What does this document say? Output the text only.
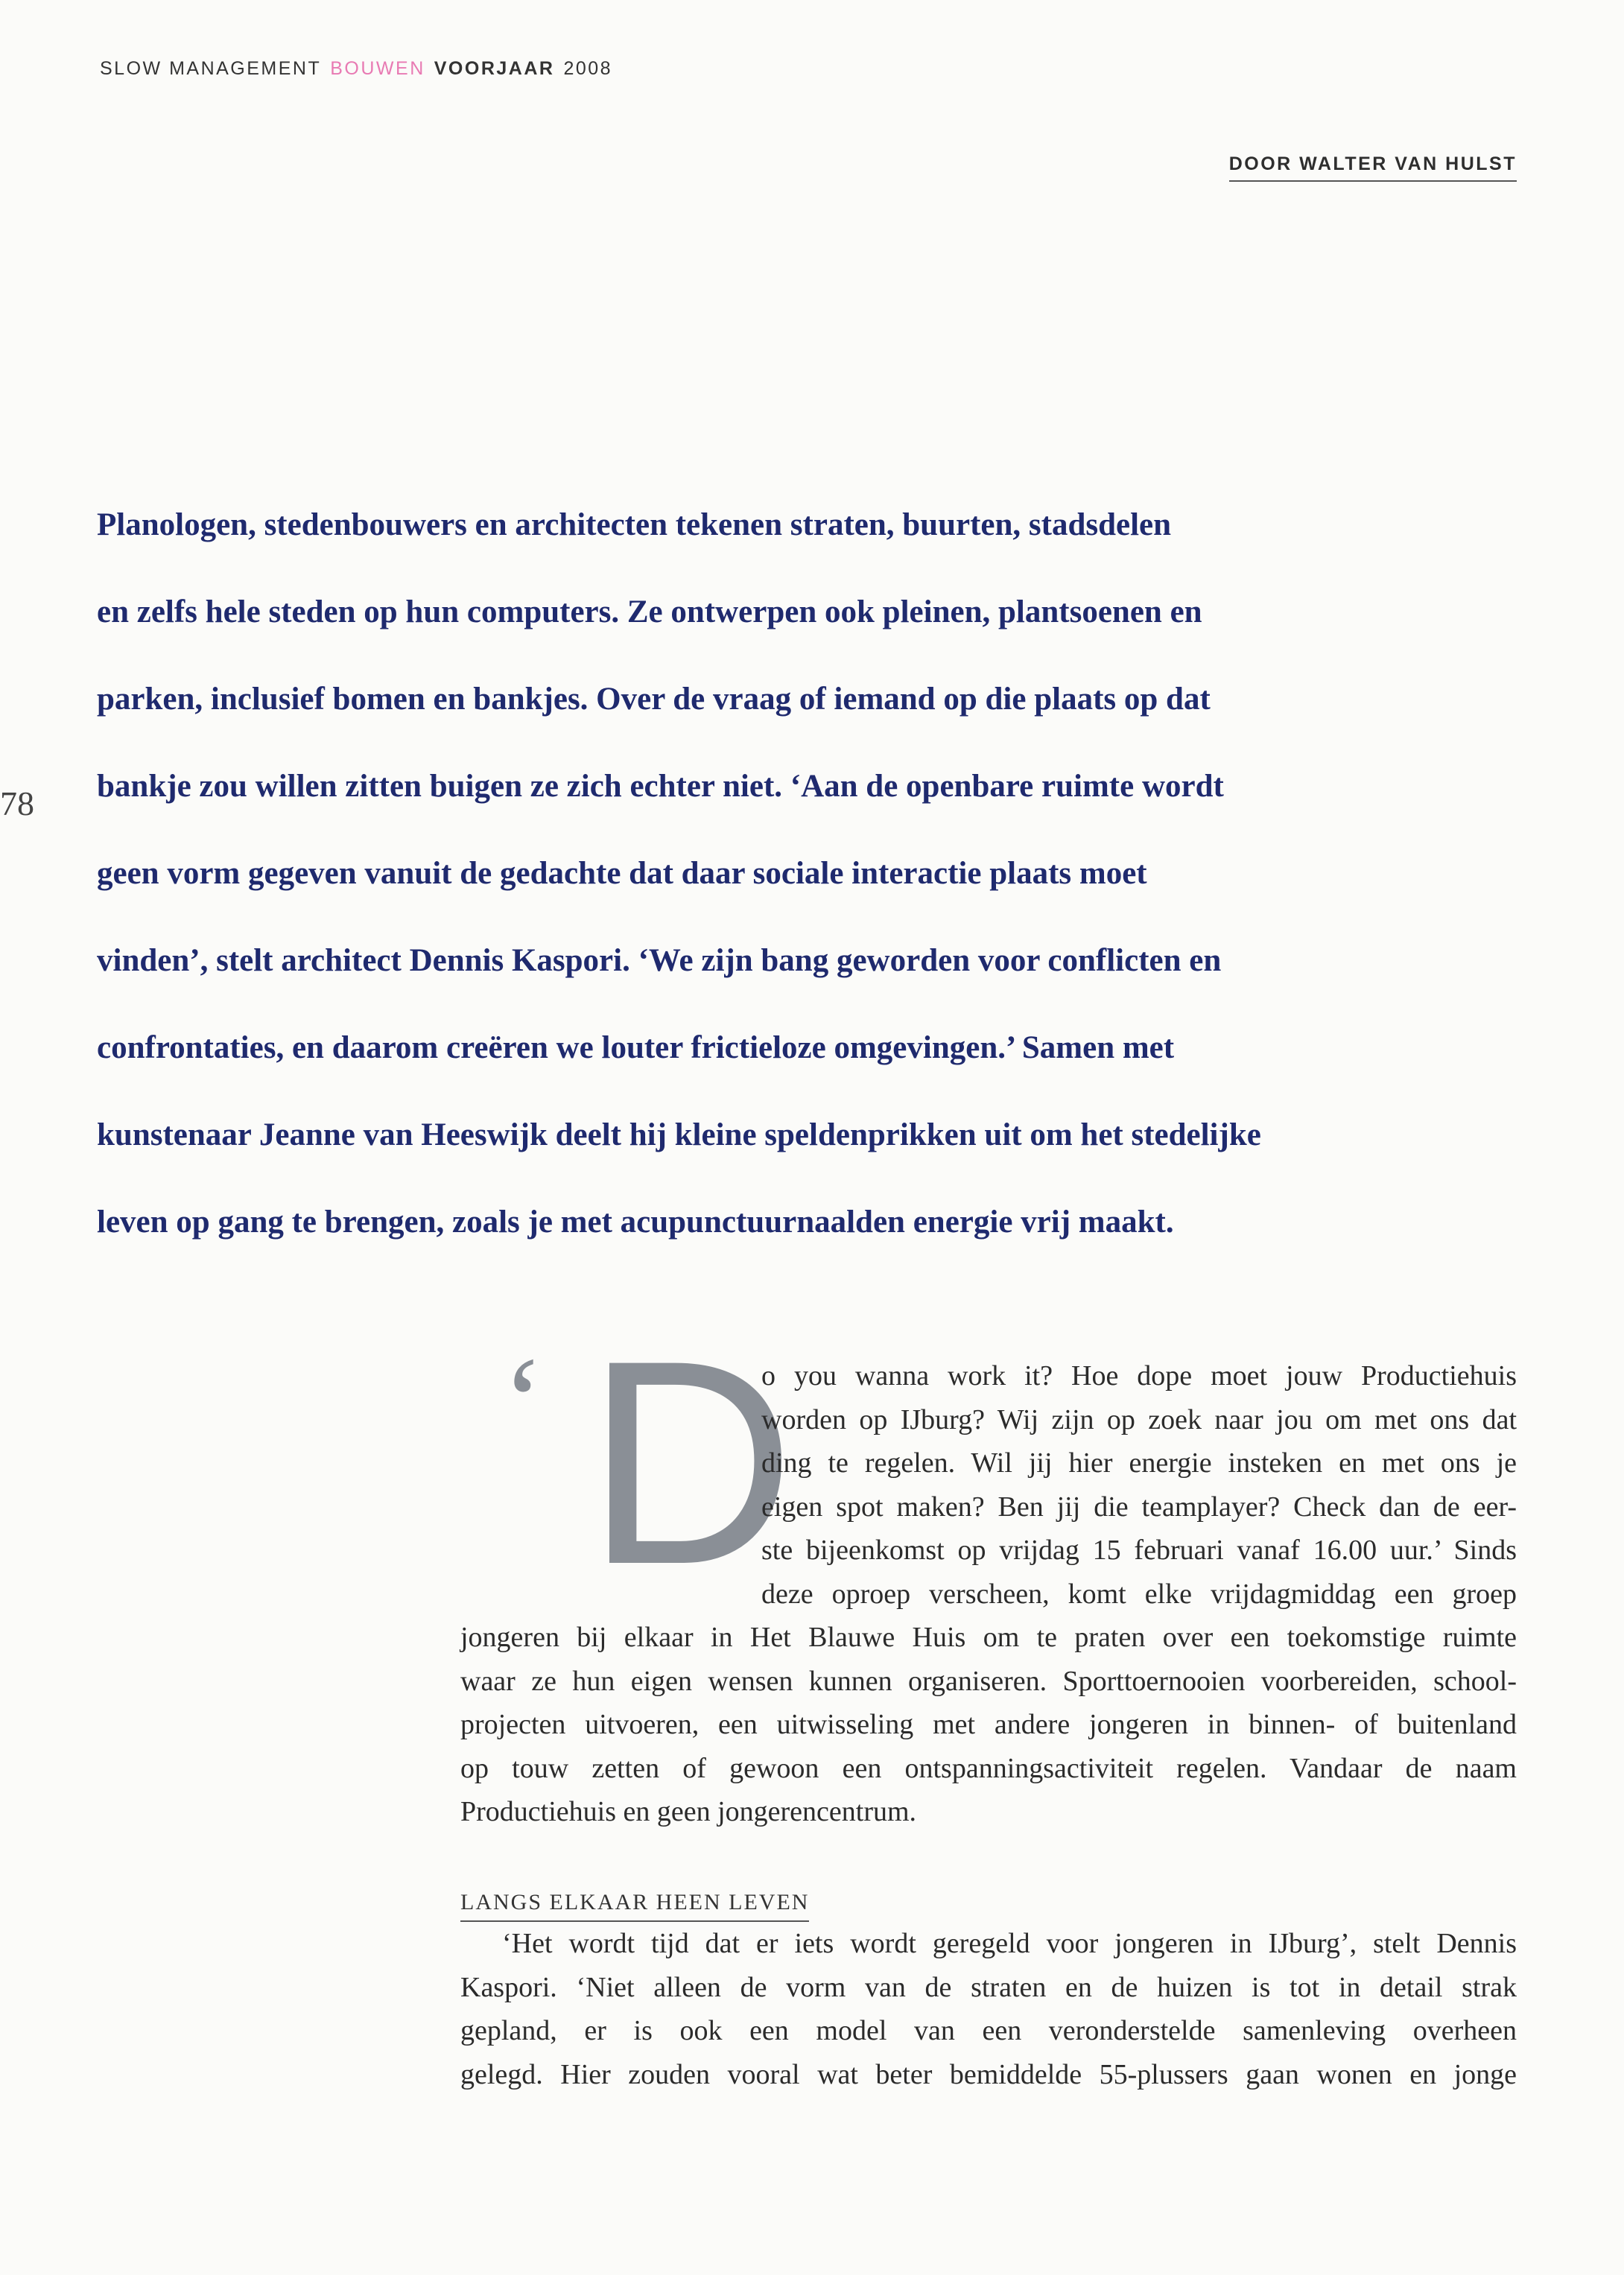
SLOW MANAGEMENT BOUWEN VOORJAAR 2008
DOOR WALTER VAN HULST
78
Planologen, stedenbouwers en architecten tekenen straten, buurten, stadsdelen
en zelfs hele steden op hun computers. Ze ontwerpen ook pleinen, plantsoenen en
parken, inclusief bomen en bankjes. Over de vraag of iemand op die plaats op dat
bankje zou willen zitten buigen ze zich echter niet. ‘Aan de openbare ruimte wordt
geen vorm gegeven vanuit de gedachte dat daar sociale interactie plaats moet
vinden’, stelt architect Dennis Kaspori. ‘We zijn bang geworden voor conflicten en
confrontaties, en daarom creëren we louter frictieloze omgevingen.’ Samen met
kunstenaar Jeanne van Heeswijk deelt hij kleine speldenprikken uit om het stedelijke
leven op gang te brengen, zoals je met acupunctuurnaalden energie vrij maakt.
‘ D
o you wanna work it? Hoe dope moet jouw Productiehuis
worden op IJburg? Wij zijn op zoek naar jou om met ons dat
ding te regelen. Wil jij hier energie insteken en met ons je
eigen spot maken? Ben jij die teamplayer? Check dan de eer-
ste bijeenkomst op vrijdag 15 februari vanaf 16.00 uur.’ Sinds
deze oproep verscheen, komt elke vrijdagmiddag een groep
jongeren bij elkaar in Het Blauwe Huis om te praten over een toekomstige ruimte
waar ze hun eigen wensen kunnen organiseren. Sporttoernooien voorbereiden, school-
projecten uitvoeren, een uitwisseling met andere jongeren in binnen- of buitenland
op touw zetten of gewoon een ontspanningsactiviteit regelen. Vandaar de naam
Productiehuis en geen jongerencentrum.
LANGS ELKAAR HEEN LEVEN
‘Het wordt tijd dat er iets wordt geregeld voor jongeren in IJburg’, stelt Dennis
Kaspori. ‘Niet alleen de vorm van de straten en de huizen is tot in detail strak
gepland, er is ook een model van een veronderstelde samenleving overheen
gelegd. Hier zouden vooral wat beter bemiddelde 55-plussers gaan wonen en jonge
